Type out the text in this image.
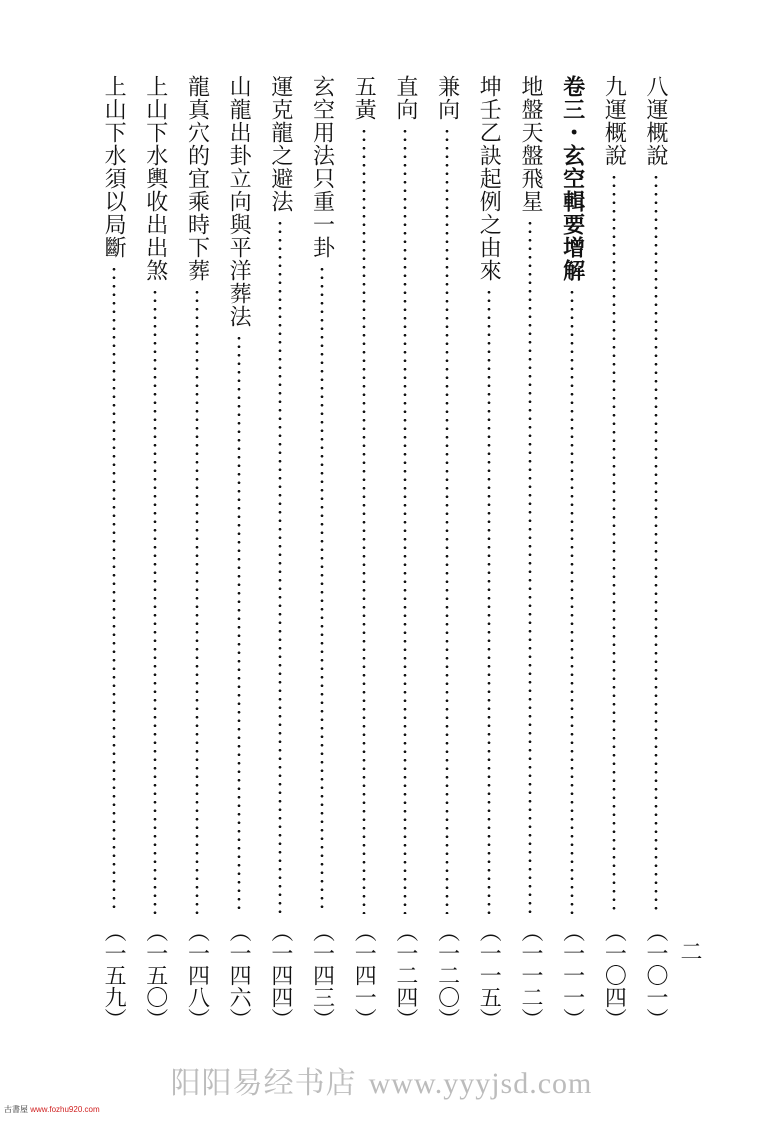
八運概說
（一〇一）
九運概說
（一〇四）
卷三・玄空輯要增解
（一一一）
地盤天盤飛星
（一一二）
坤壬乙訣起例之由來
（一一五）
兼向
（一二〇）
直向
（一二四）
五黃
（一四一）
玄空用法只重一卦
（一四三）
運克龍之避法
（一四四）
山龍出卦立向與平洋葬法
（一四六）
龍真穴的宜乘時下葬
（一四八）
上山下水輿收出出煞
（一五〇）
上山下水須以局斷
（一五九）	二
阳阳易经书店 www.yyyjsd.com
古書屋 www.fozhu920.com
